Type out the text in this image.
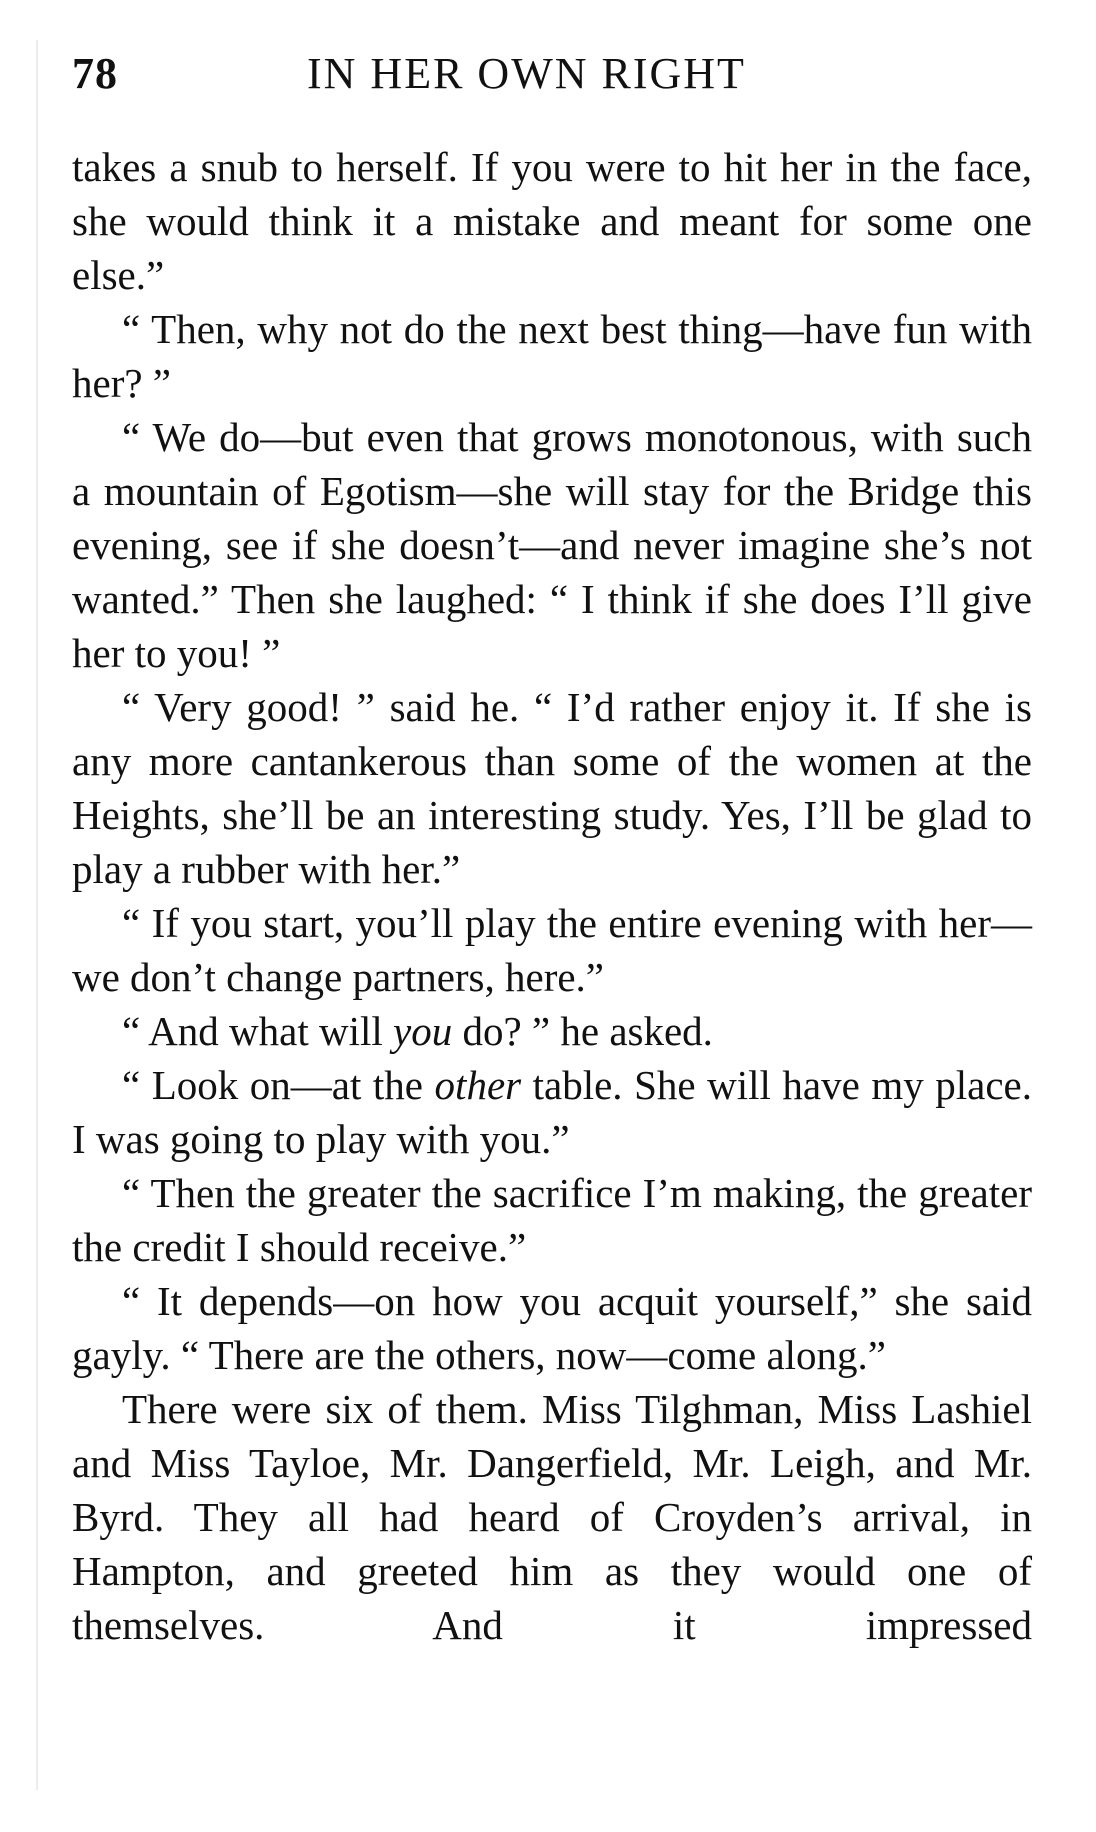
78	IN HER OWN RIGHT

takes a snub to herself. If you were to hit her in the face, she would think it a mistake and meant for some one else.”

“ Then, why not do the next best thing—have fun with her? ”

“ We do—but even that grows monotonous, with such a mountain of Egotism—she will stay for the Bridge this evening, see if she doesn’t—and never imagine she’s not wanted.” Then she laughed: “ I think if she does I’ll give her to you! ”

“ Very good! ” said he. “ I’d rather enjoy it. If she is any more cantankerous than some of the women at the Heights, she’ll be an interesting study. Yes, I’ll be glad to play a rubber with her.”

“ If you start, you’ll play the entire evening with her—we don’t change partners, here.”

“ And what will you do? ” he asked.

“ Look on—at the other table. She will have my place. I was going to play with you.”

“ Then the greater the sacrifice I’m making, the greater the credit I should receive.”

“ It depends—on how you acquit yourself,” she said gayly. “ There are the others, now—come along.”

There were six of them. Miss Tilghman, Miss Lashiel and Miss Tayloe, Mr. Dangerfield, Mr. Leigh, and Mr. Byrd. They all had heard of Croyden’s arrival, in Hampton, and greeted him as they would one of themselves. And it impressed
